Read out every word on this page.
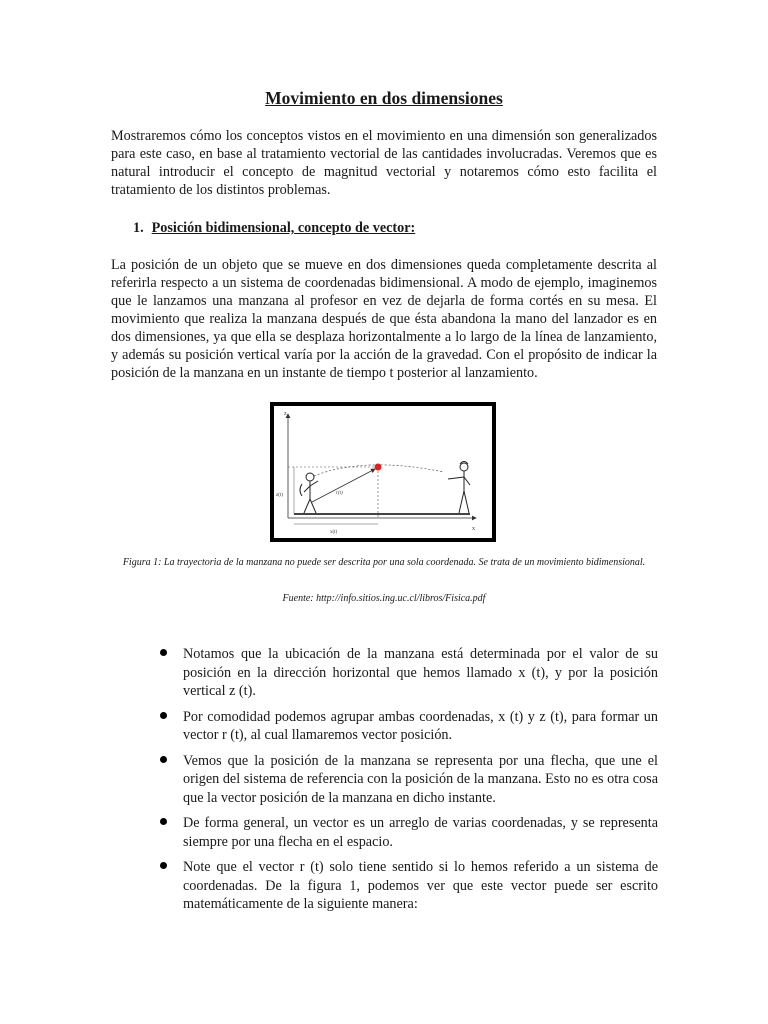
Movimiento en dos dimensiones

Mostraremos cómo los conceptos vistos en el movimiento en una dimensión son generalizados para este caso, en base al tratamiento vectorial de las cantidades involucradas. Veremos que es natural introducir el concepto de magnitud vectorial y notaremos cómo esto facilita el tratamiento de los distintos problemas.

1. Posición bidimensional, concepto de vector:

La posición de un objeto que se mueve en dos dimensiones queda completamente descrita al referirla respecto a un sistema de coordenadas bidimensional. A modo de ejemplo, imaginemos que le lanzamos una manzana al profesor en vez de dejarla de forma cortés en su mesa. El movimiento que realiza la manzana después de que ésta abandona la mano del lanzador es en dos dimensiones, ya que ella se desplaza horizontalmente a lo largo de la línea de lanzamiento, y además su posición vertical varía por la acción de la gravedad. Con el propósito de indicar la posición de la manzana en un instante de tiempo t posterior al lanzamiento.

z
x
z(t)
x(t)
r(t)

Figura 1: La trayectoria de la manzana no puede ser descrita por una sola coordenada. Se trata de un movimiento bidimensional.

Fuente: http://info.sitios.ing.uc.cl/libros/Fisica.pdf
Notamos que la ubicación de la manzana está determinada por el valor de su posición en la dirección horizontal que hemos llamado x (t), y por la posición vertical z (t).
Por comodidad podemos agrupar ambas coordenadas, x (t) y z (t), para formar un vector r (t), al cual llamaremos vector posición.
Vemos que la posición de la manzana se representa por una flecha, que une el origen del sistema de referencia con la posición de la manzana. Esto no es otra cosa que la vector posición de la manzana en dicho instante.
De forma general, un vector es un arreglo de varias coordenadas, y se representa siempre por una flecha en el espacio.
Note que el vector r (t) solo tiene sentido si lo hemos referido a un sistema de coordenadas. De la figura 1, podemos ver que este vector puede ser escrito matemáticamente de la siguiente manera:
